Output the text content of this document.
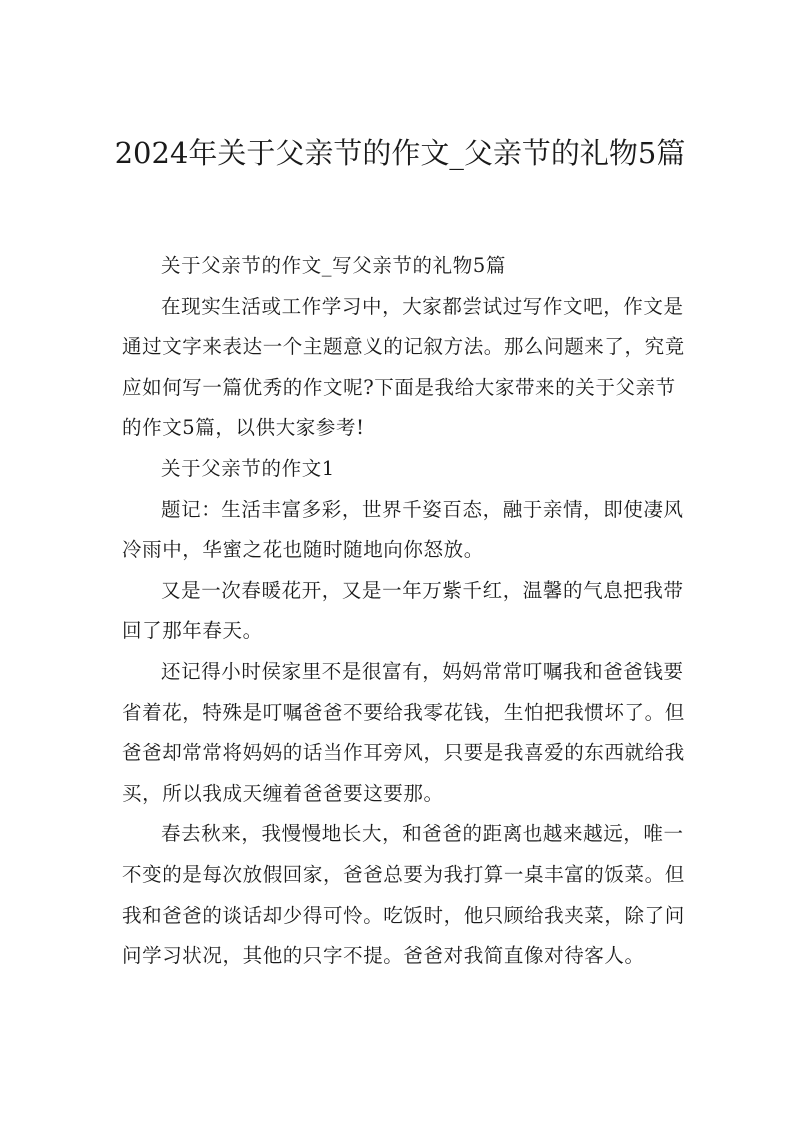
2024年关于父亲节的作文_父亲节的礼物5篇

关于父亲节的作文_写父亲节的礼物5篇

在现实生活或工作学习中，大家都尝试过写作文吧，作文是通过文字来表达一个主题意义的记叙方法。那么问题来了，究竟应如何写一篇优秀的作文呢?下面是我给大家带来的关于父亲节的作文5篇，以供大家参考!

关于父亲节的作文1

题记：生活丰富多彩，世界千姿百态，融于亲情，即使凄风冷雨中，华蜜之花也随时随地向你怒放。

又是一次春暖花开，又是一年万紫千红，温馨的气息把我带回了那年春天。

还记得小时侯家里不是很富有，妈妈常常叮嘱我和爸爸钱要省着花，特殊是叮嘱爸爸不要给我零花钱，生怕把我惯坏了。但爸爸却常常将妈妈的话当作耳旁风，只要是我喜爱的东西就给我买，所以我成天缠着爸爸要这要那。

春去秋来，我慢慢地长大，和爸爸的距离也越来越远，唯一不变的是每次放假回家，爸爸总要为我打算一桌丰富的饭菜。但我和爸爸的谈话却少得可怜。吃饭时，他只顾给我夹菜，除了问问学习状况，其他的只字不提。爸爸对我简直像对待客人。
